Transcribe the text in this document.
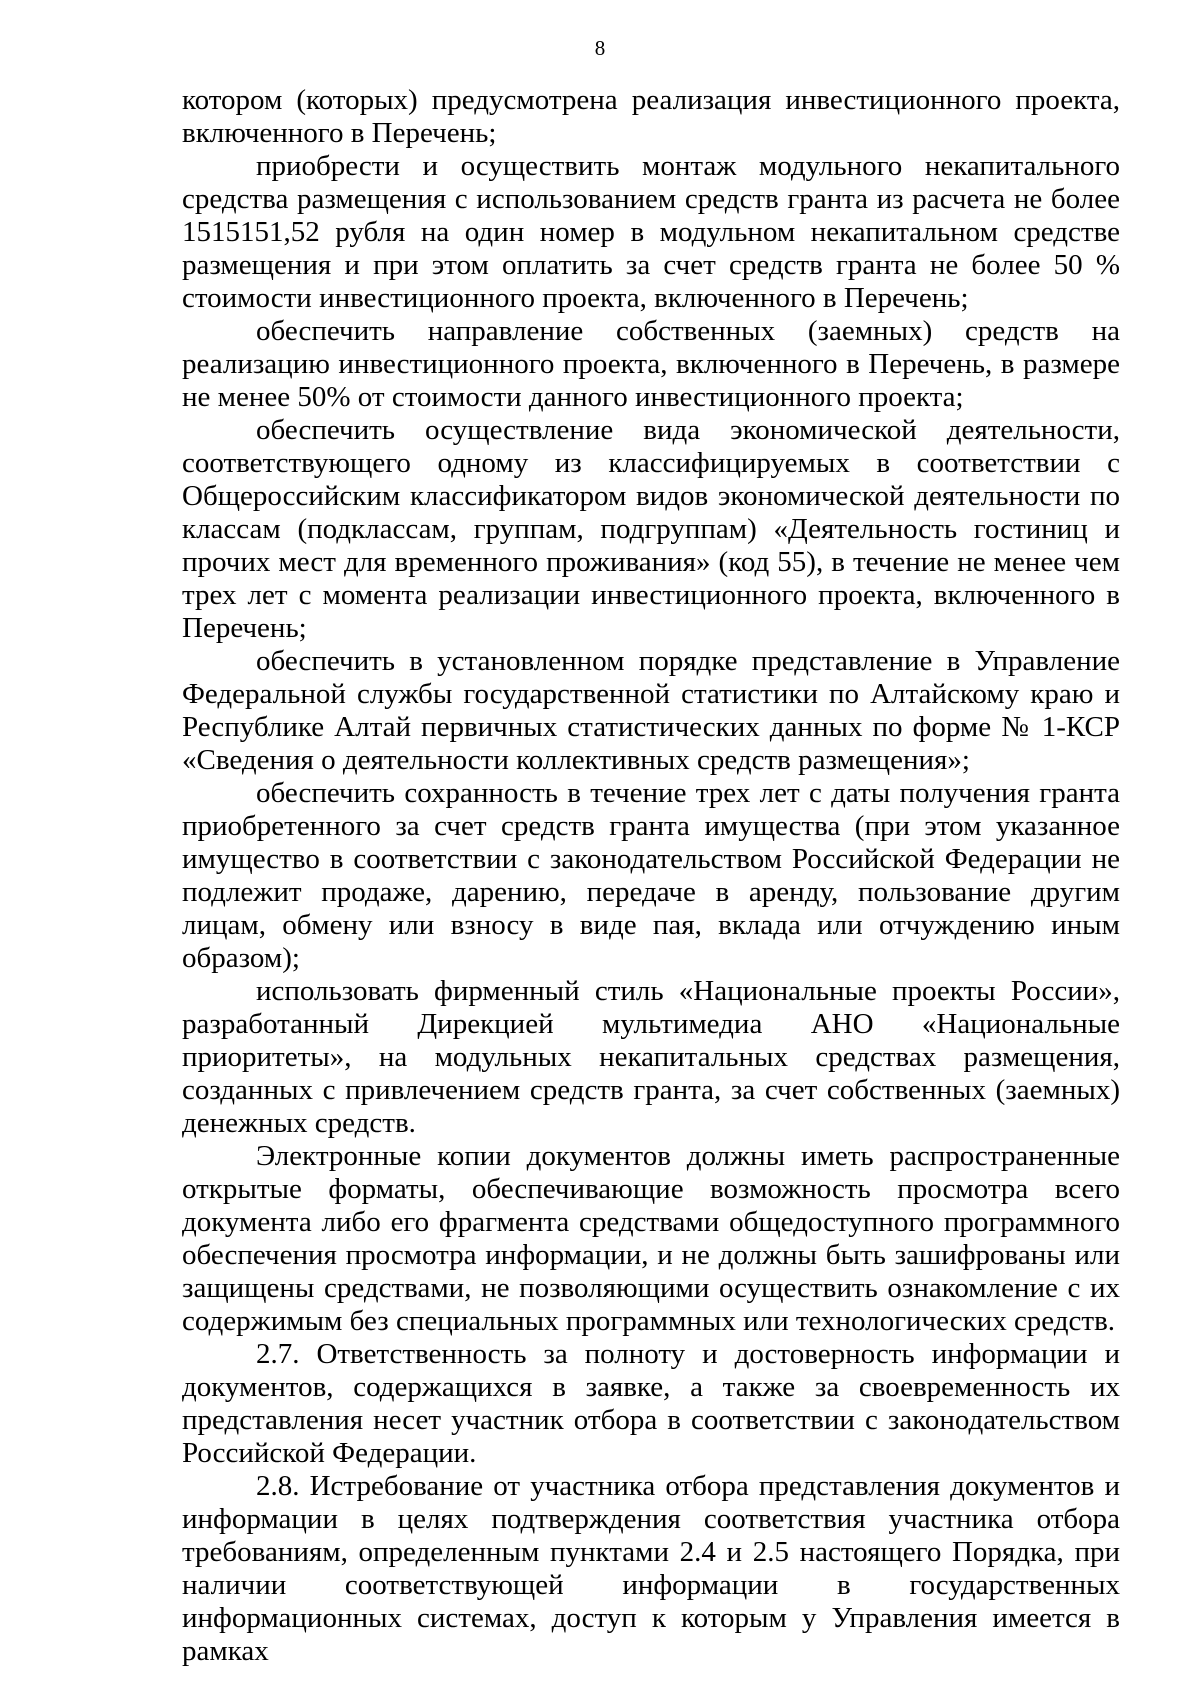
8

котором (которых) предусмотрена реализация инвестиционного проекта, включенного в Перечень;

приобрести и осуществить монтаж модульного некапитального средства размещения с использованием средств гранта из расчета не более 1515151,52 рубля на один номер в модульном некапитальном средстве размещения и при этом оплатить за счет средств гранта не более 50 % стоимости инвестиционного проекта, включенного в Перечень;

обеспечить направление собственных (заемных) средств на реализацию инвестиционного проекта, включенного в Перечень, в размере не менее 50% от стоимости данного инвестиционного проекта;

обеспечить осуществление вида экономической деятельности, соответствующего одному из классифицируемых в соответствии с Общероссийским классификатором видов экономической деятельности по классам (подклассам, группам, подгруппам) «Деятельность гостиниц и прочих мест для временного проживания» (код 55), в течение не менее чем трех лет с момента реализации инвестиционного проекта, включенного в Перечень;

обеспечить в установленном порядке представление в Управление Федеральной службы государственной статистики по Алтайскому краю и Республике Алтай первичных статистических данных по форме № 1-КСР «Сведения о деятельности коллективных средств размещения»;

обеспечить сохранность в течение трех лет с даты получения гранта приобретенного за счет средств гранта имущества (при этом указанное имущество в соответствии с законодательством Российской Федерации не подлежит продаже, дарению, передаче в аренду, пользование другим лицам, обмену или взносу в виде пая, вклада или отчуждению иным образом);

использовать фирменный стиль «Национальные проекты России», разработанный Дирекцией мультимедиа АНО «Национальные приоритеты», на модульных некапитальных средствах размещения, созданных с привлечением средств гранта, за счет собственных (заемных) денежных средств.

Электронные копии документов должны иметь распространенные открытые форматы, обеспечивающие возможность просмотра всего документа либо его фрагмента средствами общедоступного программного обеспечения просмотра информации, и не должны быть зашифрованы или защищены средствами, не позволяющими осуществить ознакомление с их содержимым без специальных программных или технологических средств.

2.7. Ответственность за полноту и достоверность информации и документов, содержащихся в заявке, а также за своевременность их представления несет участник отбора в соответствии с законодательством Российской Федерации.

2.8. Истребование от участника отбора представления документов и информации в целях подтверждения соответствия участника отбора требованиям, определенным пунктами 2.4 и 2.5 настоящего Порядка, при наличии соответствующей информации в государственных информационных системах, доступ к которым у Управления имеется в рамках
